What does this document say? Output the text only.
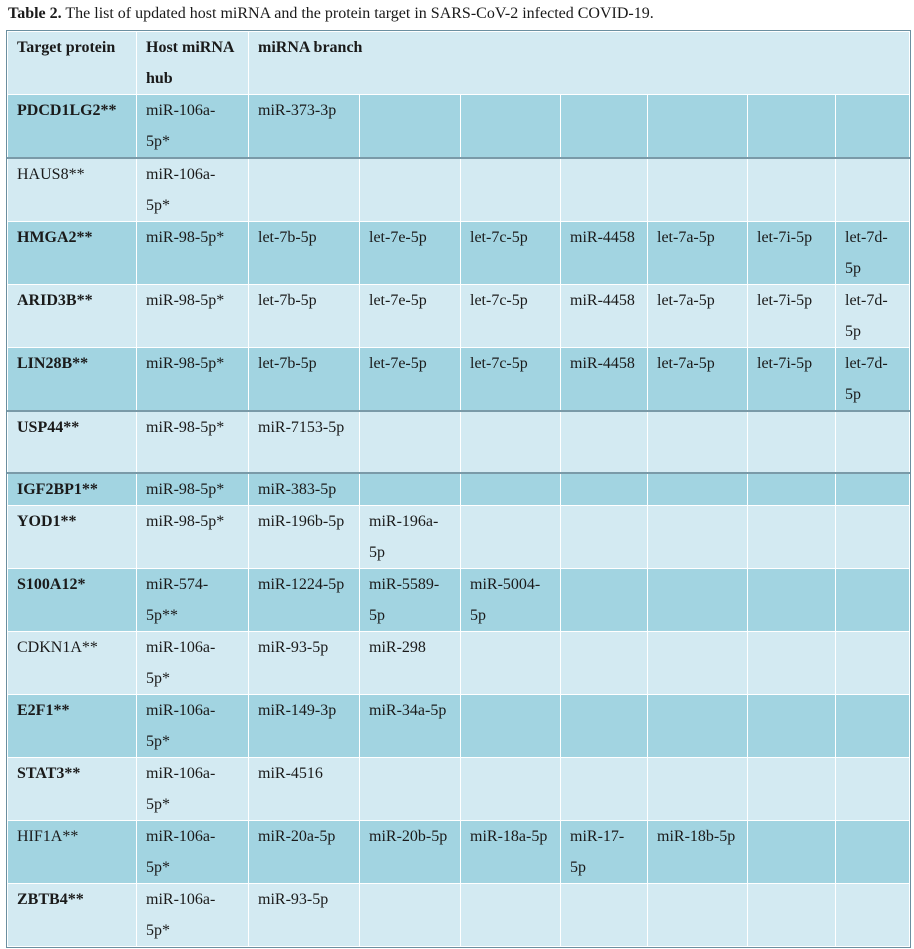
Table 2. The list of updated host miRNA and the protein target in SARS-CoV-2 infected COVID-19.
Target protein	Host miRNA hub	miRNA branch						
PDCD1LG2**	miR-106a-5p*	miR-373-3p						
HAUS8**	miR-106a-5p*							
HMGA2**	miR-98-5p*	let-7b-5p	let-7e-5p	let-7c-5p	miR-4458	let-7a-5p	let-7i-5p	let-7d-5p
ARID3B**	miR-98-5p*	let-7b-5p	let-7e-5p	let-7c-5p	miR-4458	let-7a-5p	let-7i-5p	let-7d-5p
LIN28B**	miR-98-5p*	let-7b-5p	let-7e-5p	let-7c-5p	miR-4458	let-7a-5p	let-7i-5p	let-7d-5p
USP44**	miR-98-5p*	miR-7153-5p						
IGF2BP1**	miR-98-5p*	miR-383-5p						
YOD1**	miR-98-5p*	miR-196b-5p	miR-196a-5p					
S100A12*	miR-574-5p**	miR-1224-5p	miR-5589-5p	miR-5004-5p				
CDKN1A**	miR-106a-5p*	miR-93-5p	miR-298					
E2F1**	miR-106a-5p*	miR-149-3p	miR-34a-5p					
STAT3**	miR-106a-5p*	miR-4516						
HIF1A**	miR-106a-5p*	miR-20a-5p	miR-20b-5p	miR-18a-5p	miR-17-5p	miR-18b-5p		
ZBTB4**	miR-106a-5p*	miR-93-5p						
